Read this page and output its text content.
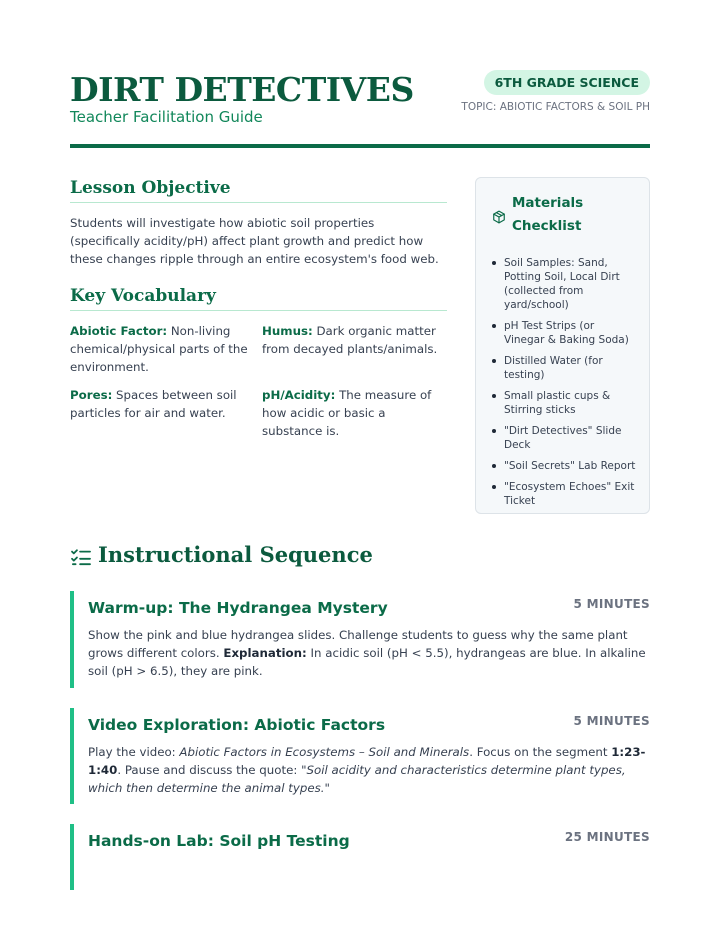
DIRT DETECTIVES
Teacher Facilitation Guide
6TH GRADE SCIENCE
TOPIC: ABIOTIC FACTORS & SOIL PH
Lesson Objective

Students will investigate how abiotic soil properties (specifically acidity/pH) affect plant growth and predict how these changes ripple through an entire ecosystem's food web.

Key Vocabulary
Abiotic Factor: Non-living chemical/physical parts of the environment.
Humus: Dark organic matter from decayed plants/animals.
Pores: Spaces between soil particles for air and water.
pH/Acidity: The measure of how acidic or basic a substance is.
Materials Checklist
Soil Samples: Sand, Potting Soil, Local Dirt (collected from yard/school)
pH Test Strips (or Vinegar & Baking Soda)
Distilled Water (for testing)
Small plastic cups & Stirring sticks
"Dirt Detectives" Slide Deck
"Soil Secrets" Lab Report
"Ecosystem Echoes" Exit Ticket
Instructional Sequence
Warm-up: The Hydrangea Mystery	5 MINUTES

Show the pink and blue hydrangea slides. Challenge students to guess why the same plant grows different colors. Explanation: In acidic soil (pH < 5.5), hydrangeas are blue. In alkaline soil (pH > 6.5), they are pink.

Video Exploration: Abiotic Factors	5 MINUTES

Play the video: Abiotic Factors in Ecosystems – Soil and Minerals. Focus on the segment 1:23-1:40. Pause and discuss the quote: "Soil acidity and characteristics determine plant types, which then determine the animal types."

Hands-on Lab: Soil pH Testing	25 MINUTES
